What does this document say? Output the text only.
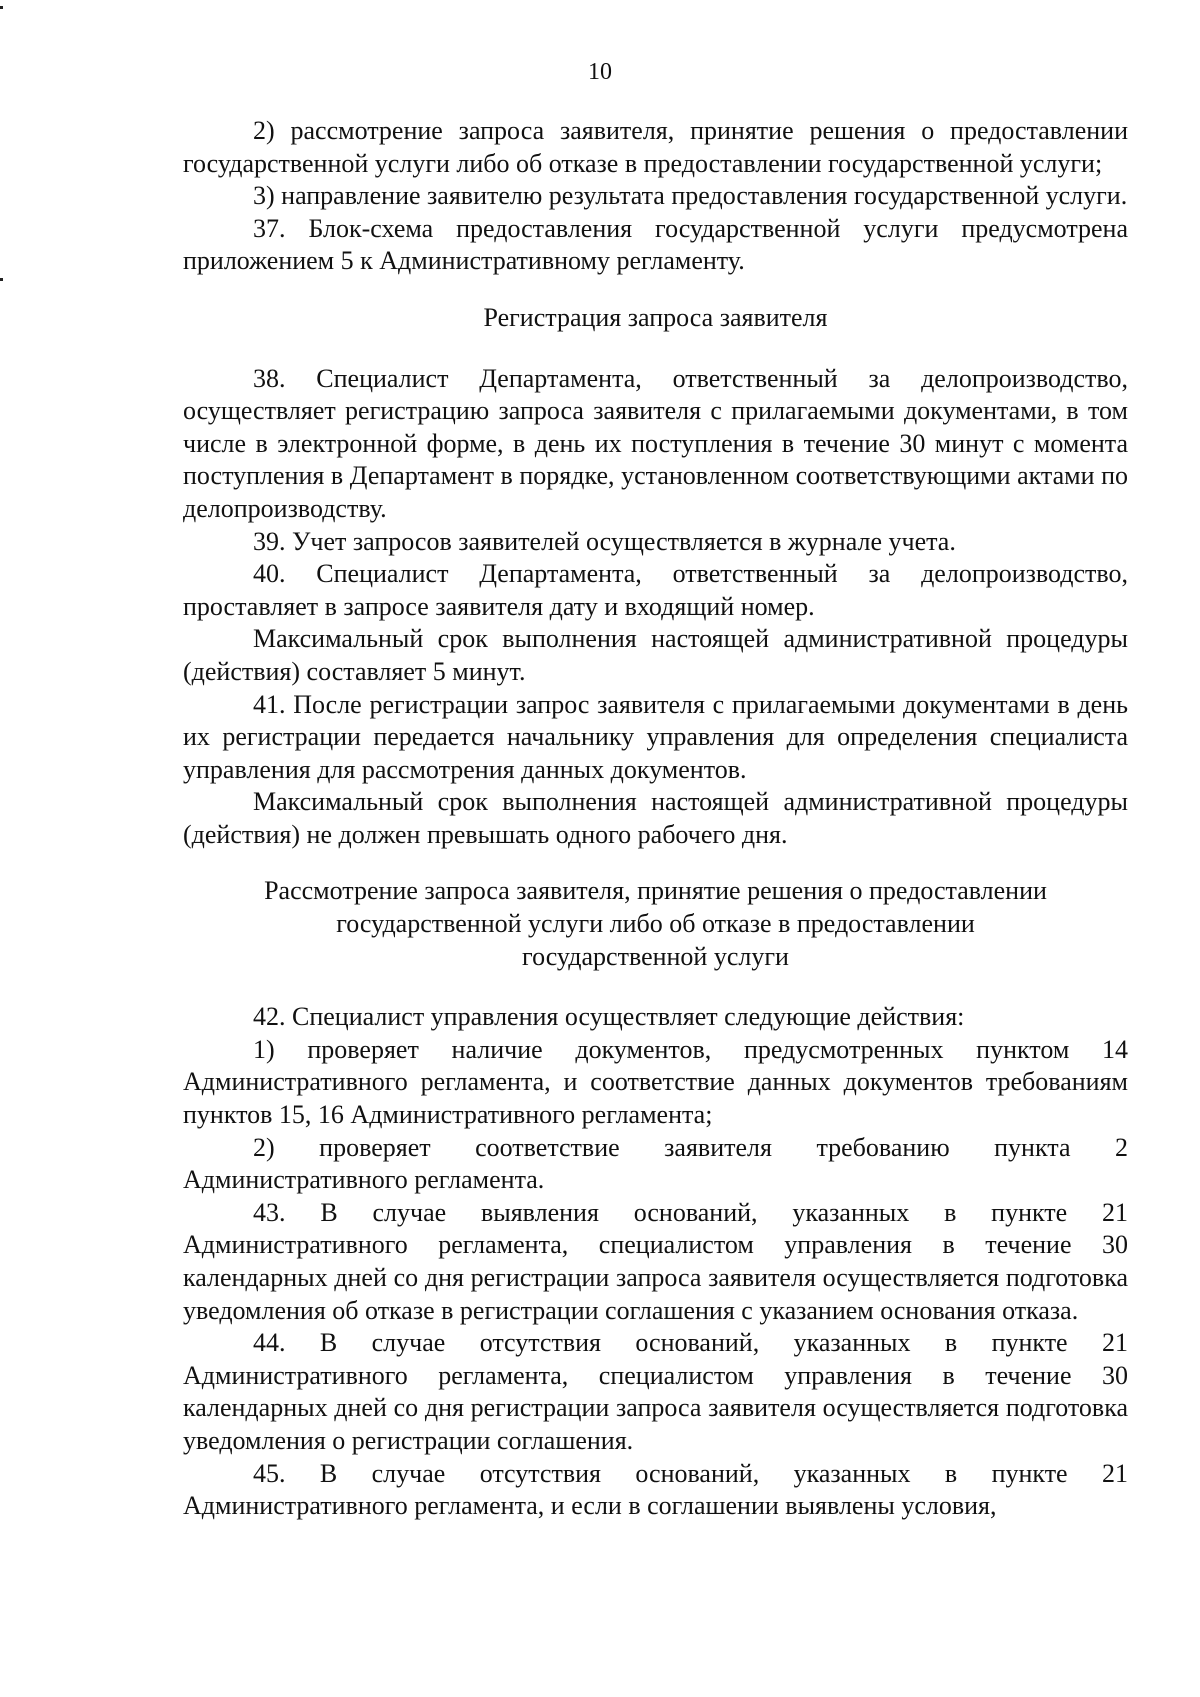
10

2) рассмотрение запроса заявителя, принятие решения о предоставлении государственной услуги либо об отказе в предоставлении государственной услуги;

3) направление заявителю результата предоставления государственной услуги.

37. Блок-схема предоставления государственной услуги предусмотрена приложением 5 к Административному регламенту.

Регистрация запроса заявителя

38. Специалист Департамента, ответственный за делопроизводство, осуществляет регистрацию запроса заявителя с прилагаемыми документами, в том числе в электронной форме, в день их поступления в течение 30 минут с момента поступления в Департамент в порядке, установленном соответствующими актами по делопроизводству.

39. Учет запросов заявителей осуществляется в журнале учета.

40. Специалист Департамента, ответственный за делопроизводство, проставляет в запросе заявителя дату и входящий номер.

Максимальный срок выполнения настоящей административной процедуры (действия) составляет 5 минут.

41. После регистрации запрос заявителя с прилагаемыми документами в день их регистрации передается начальнику управления для определения специалиста управления для рассмотрения данных документов.

Максимальный срок выполнения настоящей административной процедуры (действия) не должен превышать одного рабочего дня.

Рассмотрение запроса заявителя, принятие решения о предоставлении

государственной услуги либо об отказе в предоставлении

государственной услуги

42. Специалист управления осуществляет следующие действия:

1) проверяет наличие документов, предусмотренных пунктом 14 Административного регламента, и соответствие данных документов требованиям пунктов 15, 16 Административного регламента;

2) проверяет соответствие заявителя требованию пункта 2 Административного регламента.

43. В случае выявления оснований, указанных в пункте 21 Административного регламента, специалистом управления в течение 30 календарных дней со дня регистрации запроса заявителя осуществляется подготовка уведомления об отказе в регистрации соглашения с указанием основания отказа.

44. В случае отсутствия оснований, указанных в пункте 21 Административного регламента, специалистом управления в течение 30 календарных дней со дня регистрации запроса заявителя осуществляется подготовка уведомления о регистрации соглашения.

45. В случае отсутствия оснований, указанных в пункте 21 Административного регламента, и если в соглашении выявлены условия,
